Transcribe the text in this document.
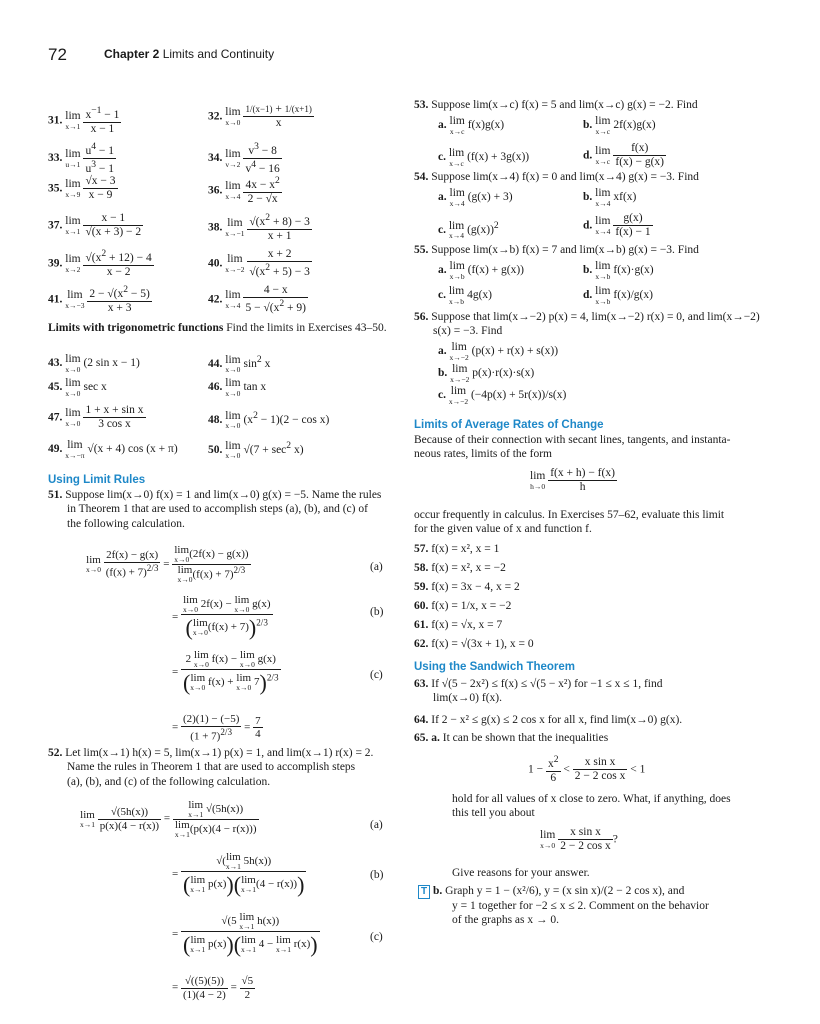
72	Chapter 2 Limits and Continuity
31. lim
x→1
$\frac{x^{-1} - 1}{x - 1}$	32. lim
x→0
$\frac{1/(x-1) + 1/(x+1)}{x}$
33. lim
u→1
$\frac{u^4 - 1}{u^3 - 1}$	34. lim
v→2
$\frac{v^3 - 8}{v^4 - 16}$
35. lim
x→9
$\frac{√x - 3}{x - 9}$	36. lim
x→4
$\frac{4x - x^2}{2 - √x}$
37. lim
x→1
$\frac{x - 1}{√(x + 3) - 2}$	38. lim
x→−1
$\frac{√(x^2 + 8) - 3}{x + 1}$
39. lim
x→2
$\frac{√(x^2 + 12) - 4}{x - 2}$	40. lim
x→−2
$\frac{x + 2}{√(x^2 + 5) - 3}$
41. lim
x→−3
$\frac{2 - √(x^2 - 5)}{x + 3}$	42. lim
x→4
$\frac{4 - x}{5 - √(x^2 + 9)}$
Limits with trigonometric functions Find the limits in Exercises 43–50.
43. lim
x→0 (2 sin x − 1)	44. lim
x→0 $\sin^2 x$
45. lim
x→0 sec x	46. lim
x→0 tan x
47. lim
x→0
$\frac{\text{1 + x + sin x}}{\text{3 cos x}}$	48. lim
x→0 $(x^2 - 1)(2 - \cos x)$
49. lim
x→−π √(x + 4) cos (x + π)	50. lim
x→0 $√(7 + \sec^2 x)$
Using Limit Rules
51. Suppose lim(x→0) f(x) = 1 and lim(x→0) g(x) = −5. Name the rules
in Theorem 1 that are used to accomplish steps (a), (b), and (c) of
the following calculation.
lim
x→0
$\frac{2f(x) - g(x)}{(f(x) + 7)^{2/3}} = \lim$
x→0 (2f(x) − g(x))
lim
x→0 $(f(x) + 7)^{2/3}$	(a)
= lim
x→0 2f(x) − lim
x→0 g(x)
(lim
x→0 (f(x) + 7))$^{2/3}$	(b)
= 2 lim
x→0 f(x) − lim
x→0 g(x)
(lim
x→0 f(x) + lim
x→0 7)$^{2/3}$	(c)
= $\frac{(2)(1) - (-5)}{(1 + 7)^{2/3}} = \frac{7}{4}$
52. Let lim(x→1) h(x) = 5, lim(x→1) p(x) = 1, and lim(x→1) r(x) = 2.
Name the rules in Theorem 1 that are used to accomplish steps
(a), (b), and (c) of the following calculation.
lim
x→1
$\frac{√(5h(x))}{p(x)(4 - r(x))} = \lim$
x→1 √(5h(x))
lim
x→1 (p(x)(4 − r(x)))	(a)
= √(lim
x→1 5h(x))
(lim
x→1 p(x))(lim
x→1 (4 − r(x)))	(b)
= √(5 lim
x→1 h(x))
(lim
x→1 p(x))(lim
x→1 4 − lim
x→1 r(x))	(c)
= $\frac{√((5)(5))}{(1)(4 - 2)} = \frac{√5}{2}$
53. Suppose lim(x→c) f(x) = 5 and lim(x→c) g(x) = −2. Find
a. lim
x→c f(x)g(x)	b. lim
x→c 2f(x)g(x)
c. lim
x→c (f(x) + 3g(x))	d. lim
x→c
$\frac{f(x)}{f(x) - g(x)}$
54. Suppose lim(x→4) f(x) = 0 and lim(x→4) g(x) = −3. Find
a. lim
x→4 (g(x) + 3)	b. lim
x→4 xf(x)
c. lim
x→4 $(g(x))^2$	d. lim
x→4
$\frac{g(x)}{f(x) - 1}$
55. Suppose lim(x→b) f(x) = 7 and lim(x→b) g(x) = −3. Find
a. lim
x→b (f(x) + g(x))	b. lim
x→b f(x)·g(x)
c. lim
x→b 4g(x)	d. lim
x→b f(x)/g(x)
56. Suppose that lim(x→−2) p(x) = 4, lim(x→−2) r(x) = 0, and lim(x→−2)
s(x) = −3. Find
a. lim
x→−2 (p(x) + r(x) + s(x))
b. lim
x→−2 p(x)·r(x)·s(x)
c. lim
x→−2 (−4p(x) + 5r(x))/s(x)
Limits of Average Rates of Change
Because of their connection with secant lines, tangents, and instanta-
neous rates, limits of the form
lim
h→0
$\frac{f(x + h) - f(x)}{h}$
occur frequently in calculus. In Exercises 57–62, evaluate this limit
for the given value of x and function f.
57. f(x) = x², x = 1
58. f(x) = x², x = −2
59. f(x) = 3x − 4, x = 2
60. f(x) = 1/x, x = −2
61. f(x) = √x, x = 7
62. f(x) = √(3x + 1), x = 0
Using the Sandwich Theorem
63. If √(5 − 2x²) ≤ f(x) ≤ √(5 − x²) for −1 ≤ x ≤ 1, find
lim(x→0) f(x).
64. If 2 − x² ≤ g(x) ≤ 2 cos x for all x, find lim(x→0) g(x).
65. a. It can be shown that the inequalities
$1 - \frac{x^2}{6} < \frac{\text{x sin x}}{\text{2 − 2 cos x}} < 1$
hold for all values of x close to zero. What, if anything, does
this tell you about
lim
x→0
$\frac{\text{x sin x}}{\text{2 − 2 cos x}}$ ?
Give reasons for your answer.
T b. Graph y = 1 − (x²/6), y = (x sin x)/(2 − 2 cos x), and
y = 1 together for −2 ≤ x ≤ 2. Comment on the behavior
of the graphs as x → 0.
